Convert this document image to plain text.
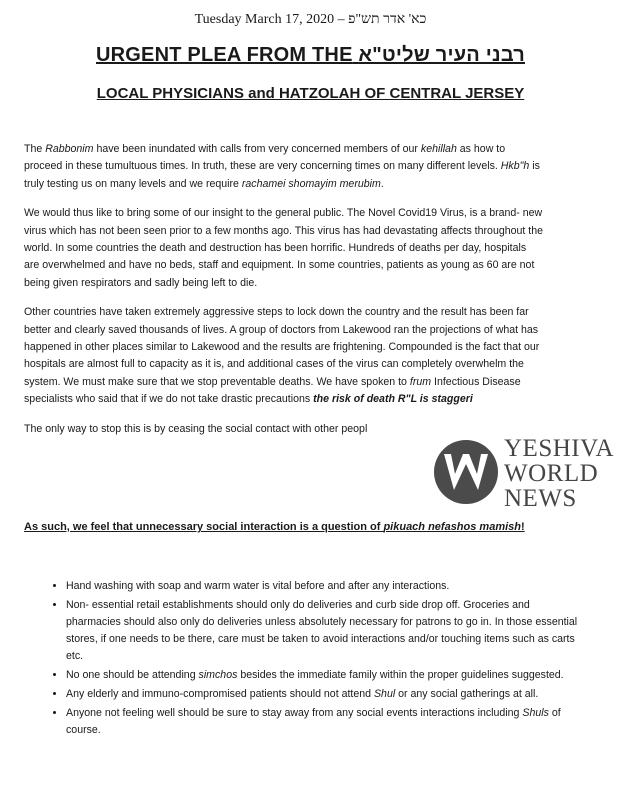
Tuesday March 17, 2020 – כא' אדר תש"פ
URGENT PLEA FROM THE רבני העיר שליט"א
LOCAL PHYSICIANS and HATZOLAH OF CENTRAL JERSEY

The Rabbonim have been inundated with calls from very concerned members of our kehillah as how to proceed in these tumultuous times. In truth, these are very concerning times on many different levels. Hkb"h is truly testing us on many levels and we require rachamei shomayim merubim.

We would thus like to bring some of our insight to the general public. The Novel Covid19 Virus, is a brand- new virus which has not been seen prior to a few months ago. This virus has had devastating affects throughout the world. In some countries the death and destruction has been horrific. Hundreds of deaths per day, hospitals are overwhelmed and have no beds, staff and equipment. In some countries, patients as young as 60 are not being given respirators and sadly being left to die.

Other countries have taken extremely aggressive steps to lock down the country and the result has been far better and clearly saved thousands of lives. A group of doctors from Lakewood ran the projections of what has happened in other places similar to Lakewood and the results are frightening. Compounded is the fact that our hospitals are almost full to capacity as it is, and additional cases of the virus can completely overwhelm the system. We must make sure that we stop preventable deaths. We have spoken to frum Infectious Disease specialists who said that if we do not take drastic precautions the risk of death R"L is staggeri

The only way to stop this is by ceasing the social contact with other peopl

As such, we feel that unnecessary social interaction is a question of pikuach nefashos mamish!
• Hand washing with soap and warm water is vital before and after any interactions.
• Non- essential retail establishments should only do deliveries and curb side drop off. Groceries and pharmacies should also only do deliveries unless absolutely necessary for patrons to go in. In those essential stores, if one needs to be there, care must be taken to avoid interactions and/or touching items such as carts etc.
• No one should be attending simchos besides the immediate family within the proper guidelines suggested.
• Any elderly and immuno-compromised patients should not attend Shul or any social gatherings at all.
• Anyone not feeling well should be sure to stay away from any social events interactions including Shuls of course.
YESHIVA
WORLD
NEWS
